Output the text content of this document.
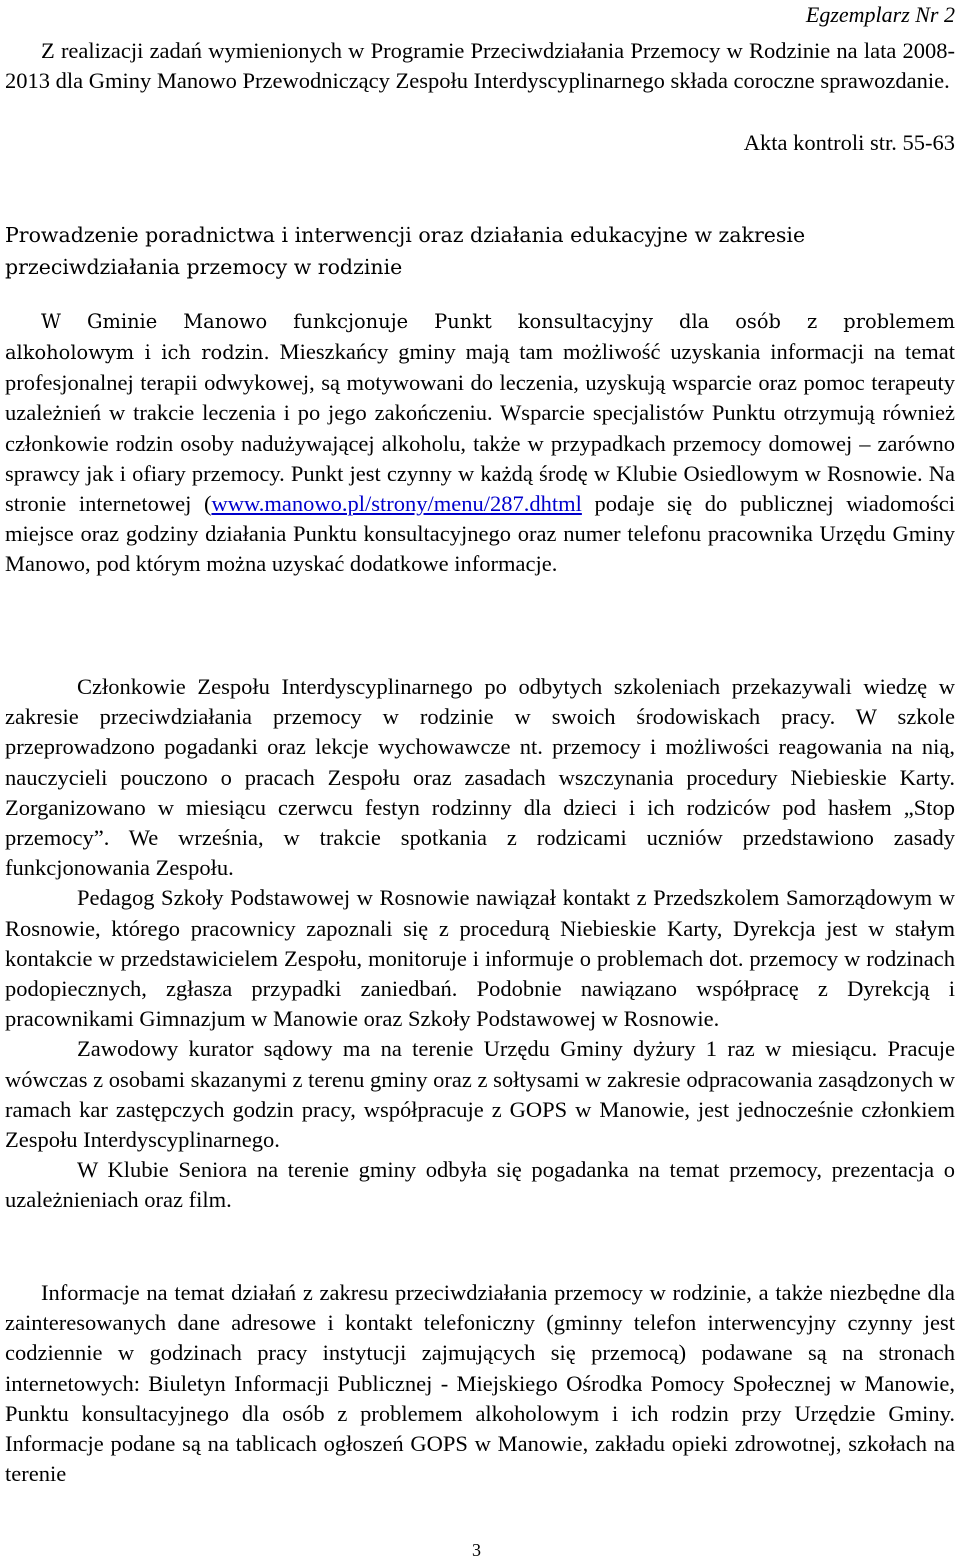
Egzemplarz Nr 2

Z realizacji zadań wymienionych w Programie Przeciwdziałania Przemocy w Rodzinie na lata 2008-2013 dla Gminy Manowo Przewodniczący Zespołu Interdyscyplinarnego składa coroczne sprawozdanie.

Akta kontroli str. 55-63
Prowadzenie poradnictwa i interwencji oraz działania edukacyjne w zakresie przeciwdziałania przemocy w rodzinie

W Gminie Manowo funkcjonuje Punkt konsultacyjny dla osób z problemem

alkoholowym i ich rodzin. Mieszkańcy gminy mają tam możliwość uzyskania informacji na temat profesjonalnej terapii odwykowej, są motywowani do leczenia, uzyskują wsparcie oraz pomoc terapeuty uzależnień w trakcie leczenia i po jego zakończeniu. Wsparcie specjalistów Punktu otrzymują również członkowie rodzin osoby nadużywającej alkoholu, także w przypadkach przemocy domowej – zarówno sprawcy jak i ofiary przemocy. Punkt jest czynny w każdą środę w Klubie Osiedlowym w Rosnowie. Na stronie internetowej (www.manowo.pl/strony/menu/287.dhtml podaje się do publicznej wiadomości miejsce oraz godziny działania Punktu konsultacyjnego oraz numer telefonu pracownika Urzędu Gminy Manowo, pod którym można uzyskać dodatkowe informacje.

Członkowie Zespołu Interdyscyplinarnego po odbytych szkoleniach przekazywali wiedzę w zakresie przeciwdziałania przemocy w rodzinie w swoich środowiskach pracy. W szkole przeprowadzono pogadanki oraz lekcje wychowawcze nt. przemocy i możliwości reagowania na nią, nauczycieli pouczono o pracach Zespołu oraz zasadach wszczynania procedury Niebieskie Karty. Zorganizowano w miesiącu czerwcu festyn rodzinny dla dzieci i ich rodziców pod hasłem „Stop przemocy”. We września, w trakcie spotkania z rodzicami uczniów przedstawiono zasady funkcjonowania Zespołu.

Pedagog Szkoły Podstawowej w Rosnowie nawiązał kontakt z Przedszkolem Samorządowym w Rosnowie, którego pracownicy zapoznali się z procedurą Niebieskie Karty, Dyrekcja jest w stałym kontakcie w przedstawicielem Zespołu, monitoruje i informuje o problemach dot. przemocy w rodzinach podopiecznych, zgłasza przypadki zaniedbań. Podobnie nawiązano współpracę z Dyrekcją i pracownikami Gimnazjum w Manowie oraz Szkoły Podstawowej w Rosnowie.

Zawodowy kurator sądowy ma na terenie Urzędu Gminy dyżury 1 raz w miesiącu. Pracuje wówczas z osobami skazanymi z terenu gminy oraz z sołtysami w zakresie odpracowania zasądzonych w ramach kar zastępczych godzin pracy, współpracuje z GOPS w Manowie, jest jednocześnie członkiem Zespołu Interdyscyplinarnego.

W Klubie Seniora na terenie gminy odbyła się pogadanka na temat przemocy, prezentacja o uzależnieniach oraz film.

Informacje na temat działań z zakresu przeciwdziałania przemocy w rodzinie, a także niezbędne dla zainteresowanych dane adresowe i kontakt telefoniczny (gminny telefon interwencyjny czynny jest codziennie w godzinach pracy instytucji zajmujących się przemocą) podawane są na stronach internetowych: Biuletyn Informacji Publicznej - Miejskiego Ośrodka Pomocy Społecznej w Manowie, Punktu konsultacyjnego dla osób z problemem alkoholowym i ich rodzin przy Urzędzie Gminy. Informacje podane są na tablicach ogłoszeń GOPS w Manowie, zakładu opieki zdrowotnej, szkołach na terenie

3
